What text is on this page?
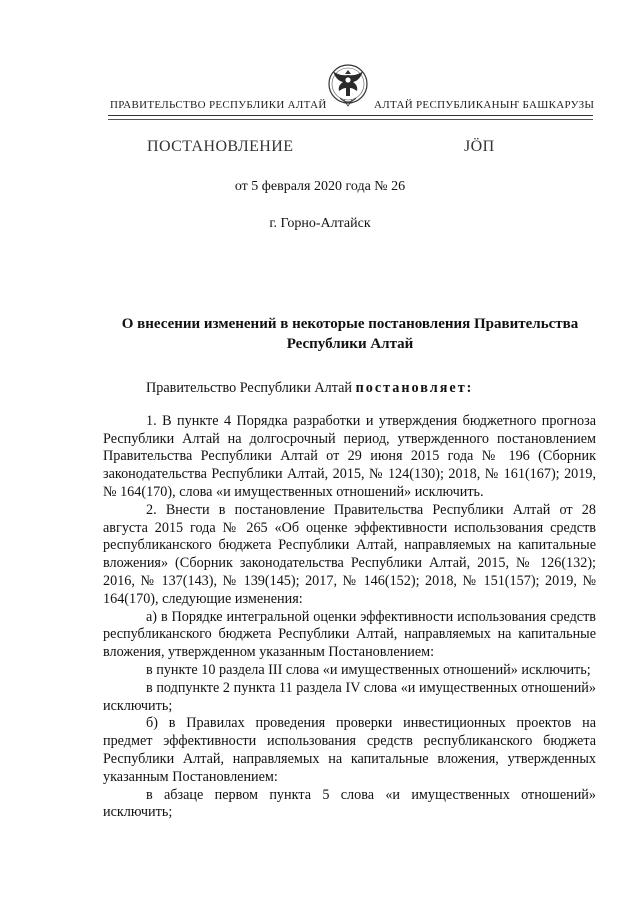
ПРАВИТЕЛЬСТВО РЕСПУБЛИКИ АЛТАЙ	АЛТАЙ РЕСПУБЛИКАНЫҤ БАШКАРУЗЫ
ПОСТАНОВЛЕНИЕ	JӦП
от 5 февраля 2020 года № 26
г. Горно-Алтайск
О внесении изменений в некоторые постановления Правительства
Республики Алтай

Правительство Республики Алтай постановляет:

1. В пункте 4 Порядка разработки и утверждения бюджетного прогноза Республики Алтай на долгосрочный период, утвержденного постановлением Правительства Республики Алтай от 29 июня 2015 года № 196 (Сборник законодательства Республики Алтай, 2015, № 124(130); 2018, № 161(167); 2019, № 164(170), слова «и имущественных отношений» исключить.

2. Внести в постановление Правительства Республики Алтай от 28 августа 2015 года № 265 «Об оценке эффективности использования средств республиканского бюджета Республики Алтай, направляемых на капитальные вложения» (Сборник законодательства Республики Алтай, 2015, № 126(132); 2016, № 137(143), № 139(145); 2017, № 146(152); 2018, № 151(157); 2019, № 164(170), следующие изменения:

а) в Порядке интегральной оценки эффективности использования средств республиканского бюджета Республики Алтай, направляемых на капитальные вложения, утвержденном указанным Постановлением:

в пункте 10 раздела III слова «и имущественных отношений» исключить;

в подпункте 2 пункта 11 раздела IV слова «и имущественных отношений» исключить;

б) в Правилах проведения проверки инвестиционных проектов на предмет эффективности использования средств республиканского бюджета Республики Алтай, направляемых на капитальные вложения, утвержденных указанным Постановлением:

в абзаце первом пункта 5 слова «и имущественных отношений» исключить;
